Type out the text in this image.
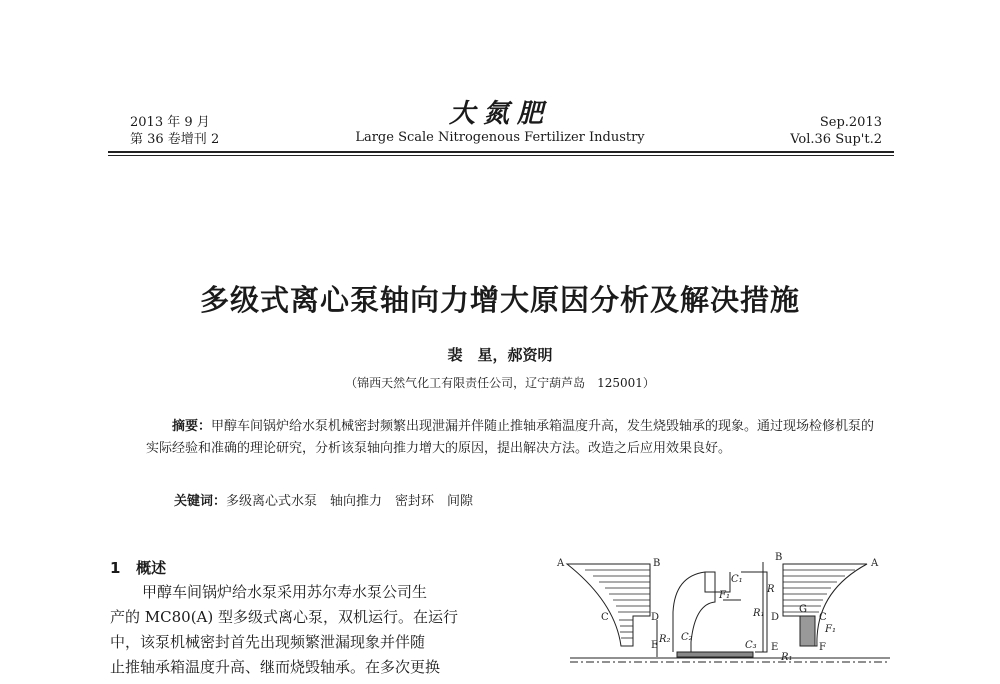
2013 年 9 月
第 36 卷增刊 2
大氮肥
Large Scale Nitrogenous Fertilizer Industry
Sep.2013
Vol.36 Sup't.2
多级式离心泵轴向力增大原因分析及解决措施
裴　星，郝资明
（锦西天然气化工有限责任公司，辽宁葫芦岛　125001）
摘要：甲醇车间锅炉给水泵机械密封频繁出现泄漏并伴随止推轴承箱温度升高，发生烧毁轴承的现象。通过现场检修机泵的实际经验和准确的理论研究，分析该泵轴向推力增大的原因，提出解决方法。改造之后应用效果良好。
关键词：多级离心式水泵　轴向推力　密封环　间隙
1 概述
甲醇车间锅炉给水泵采用苏尔寿水泵公司生
产的 MC80(A) 型多级式离心泵，双机运行。在运行
中，该泵机械密封首先出现频繁泄漏现象并伴随
止推轴承箱温度升高、继而烧毁轴承。在多次更换
A	B
B
A
C	C
D	D
E	E	F
G
C₁
F₁
R₁
R
C₂
R₂
R₁
C₃
F₁
